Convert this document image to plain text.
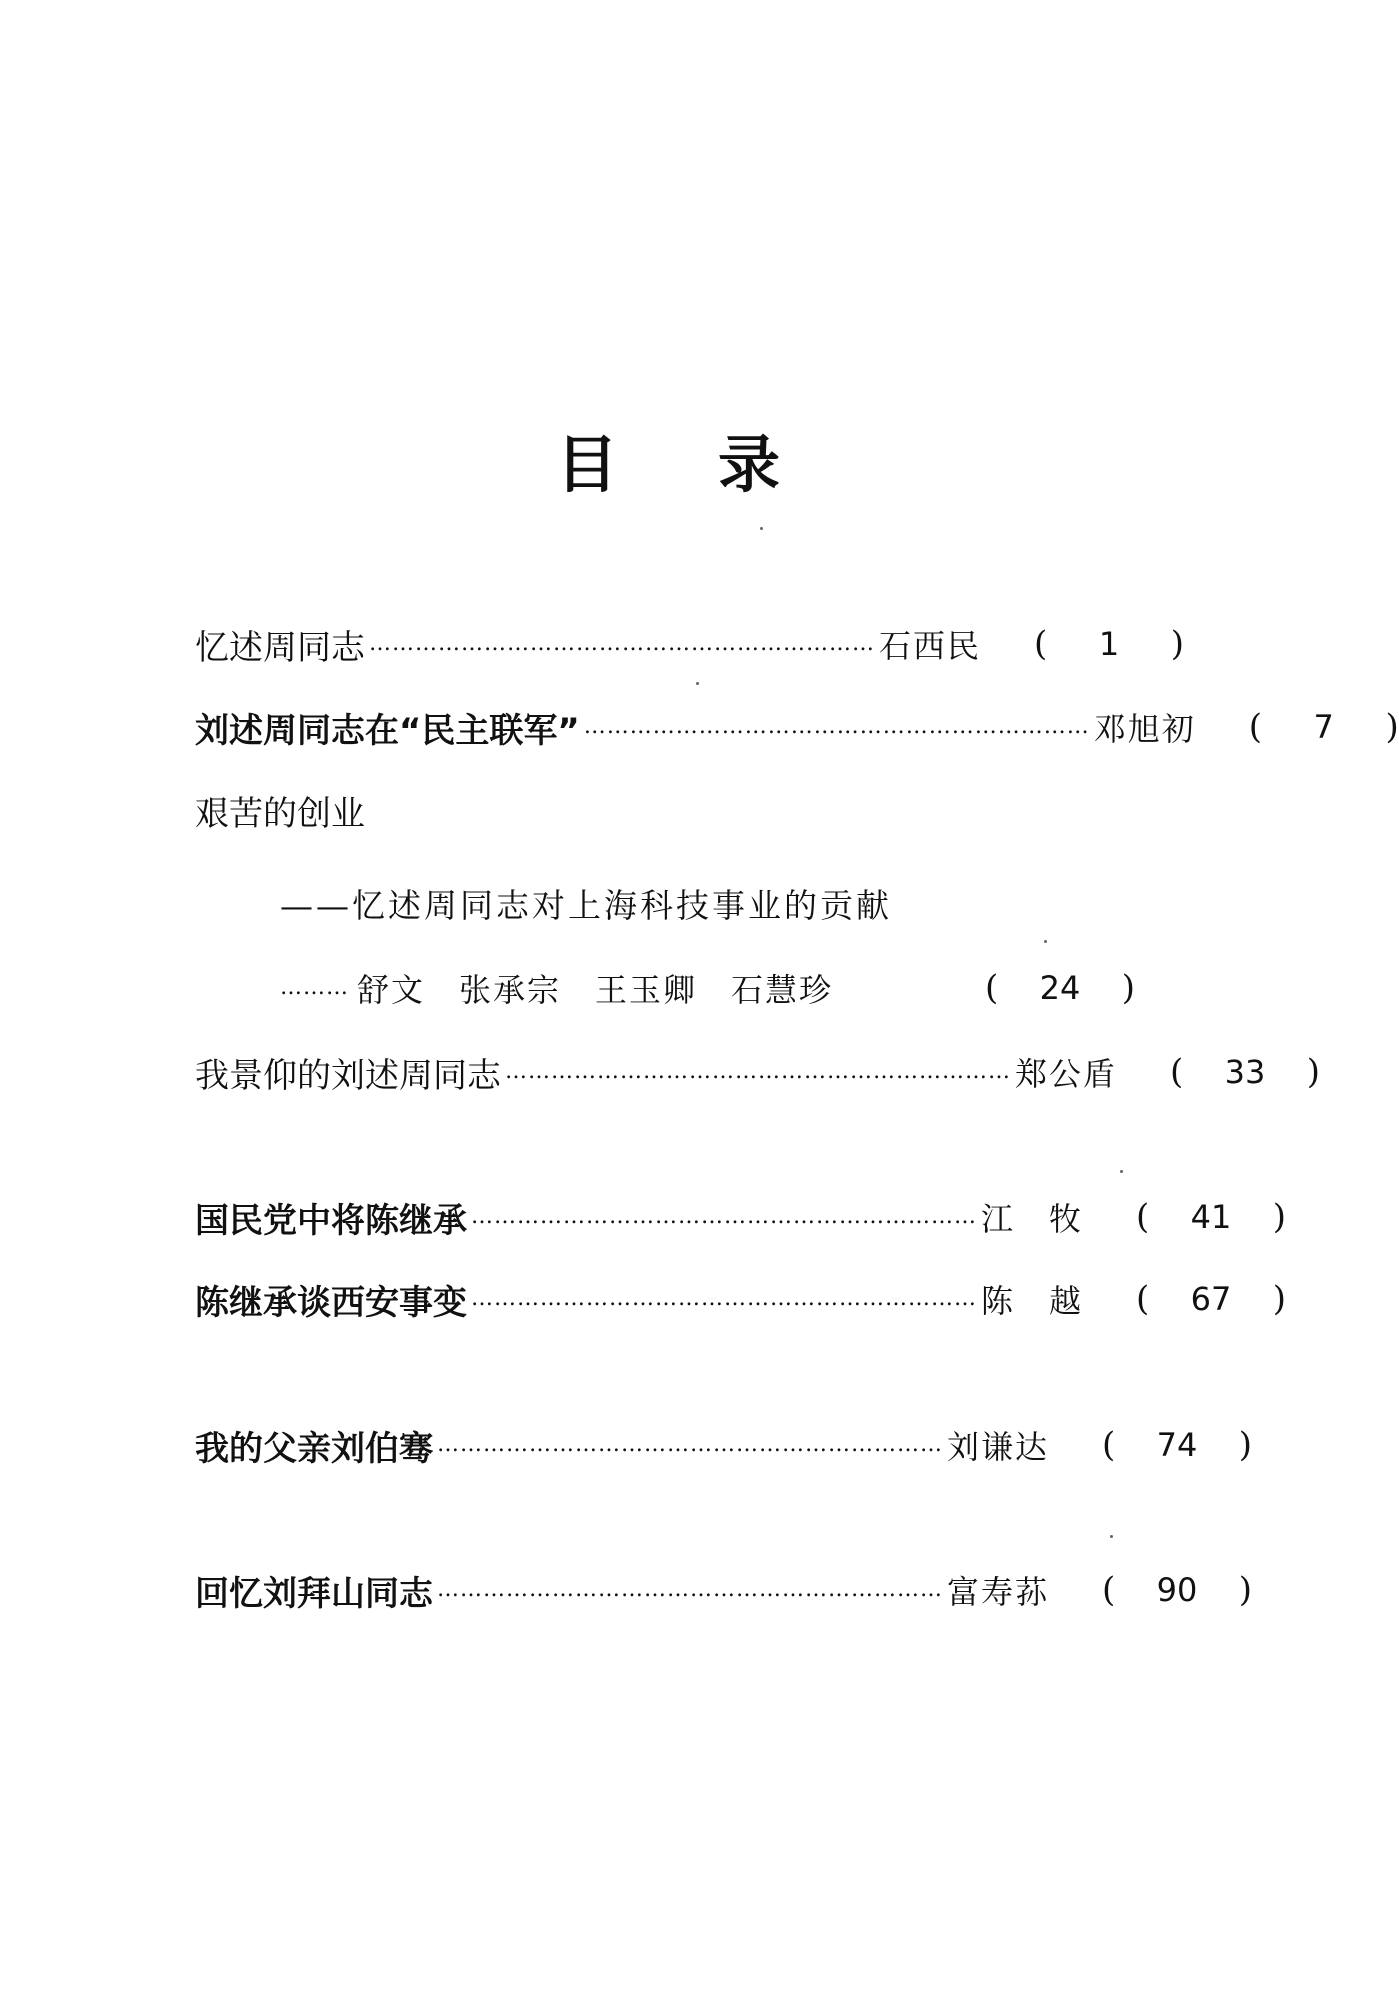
目 录
忆述周同志 ………………………………………………………… 石西民	(	1	)
刘述周同志在“民主联军” ………………………………………………………… 邓旭初	(	7	)
艰苦的创业
——忆述周同志对上海科技事业的贡献
……… 舒文　张承宗　王玉卿　石慧珍	(	24	)
我景仰的刘述周同志 ………………………………………………………… 郑公盾	(	33	)
国民党中将陈继承 ………………………………………………………… 江　牧	(	41	)
陈继承谈西安事变 ………………………………………………………… 陈　越	(	67	)
我的父亲刘伯骞 ………………………………………………………… 刘谦达	(	74	)
回忆刘拜山同志 ………………………………………………………… 富寿荪	(	90	)
